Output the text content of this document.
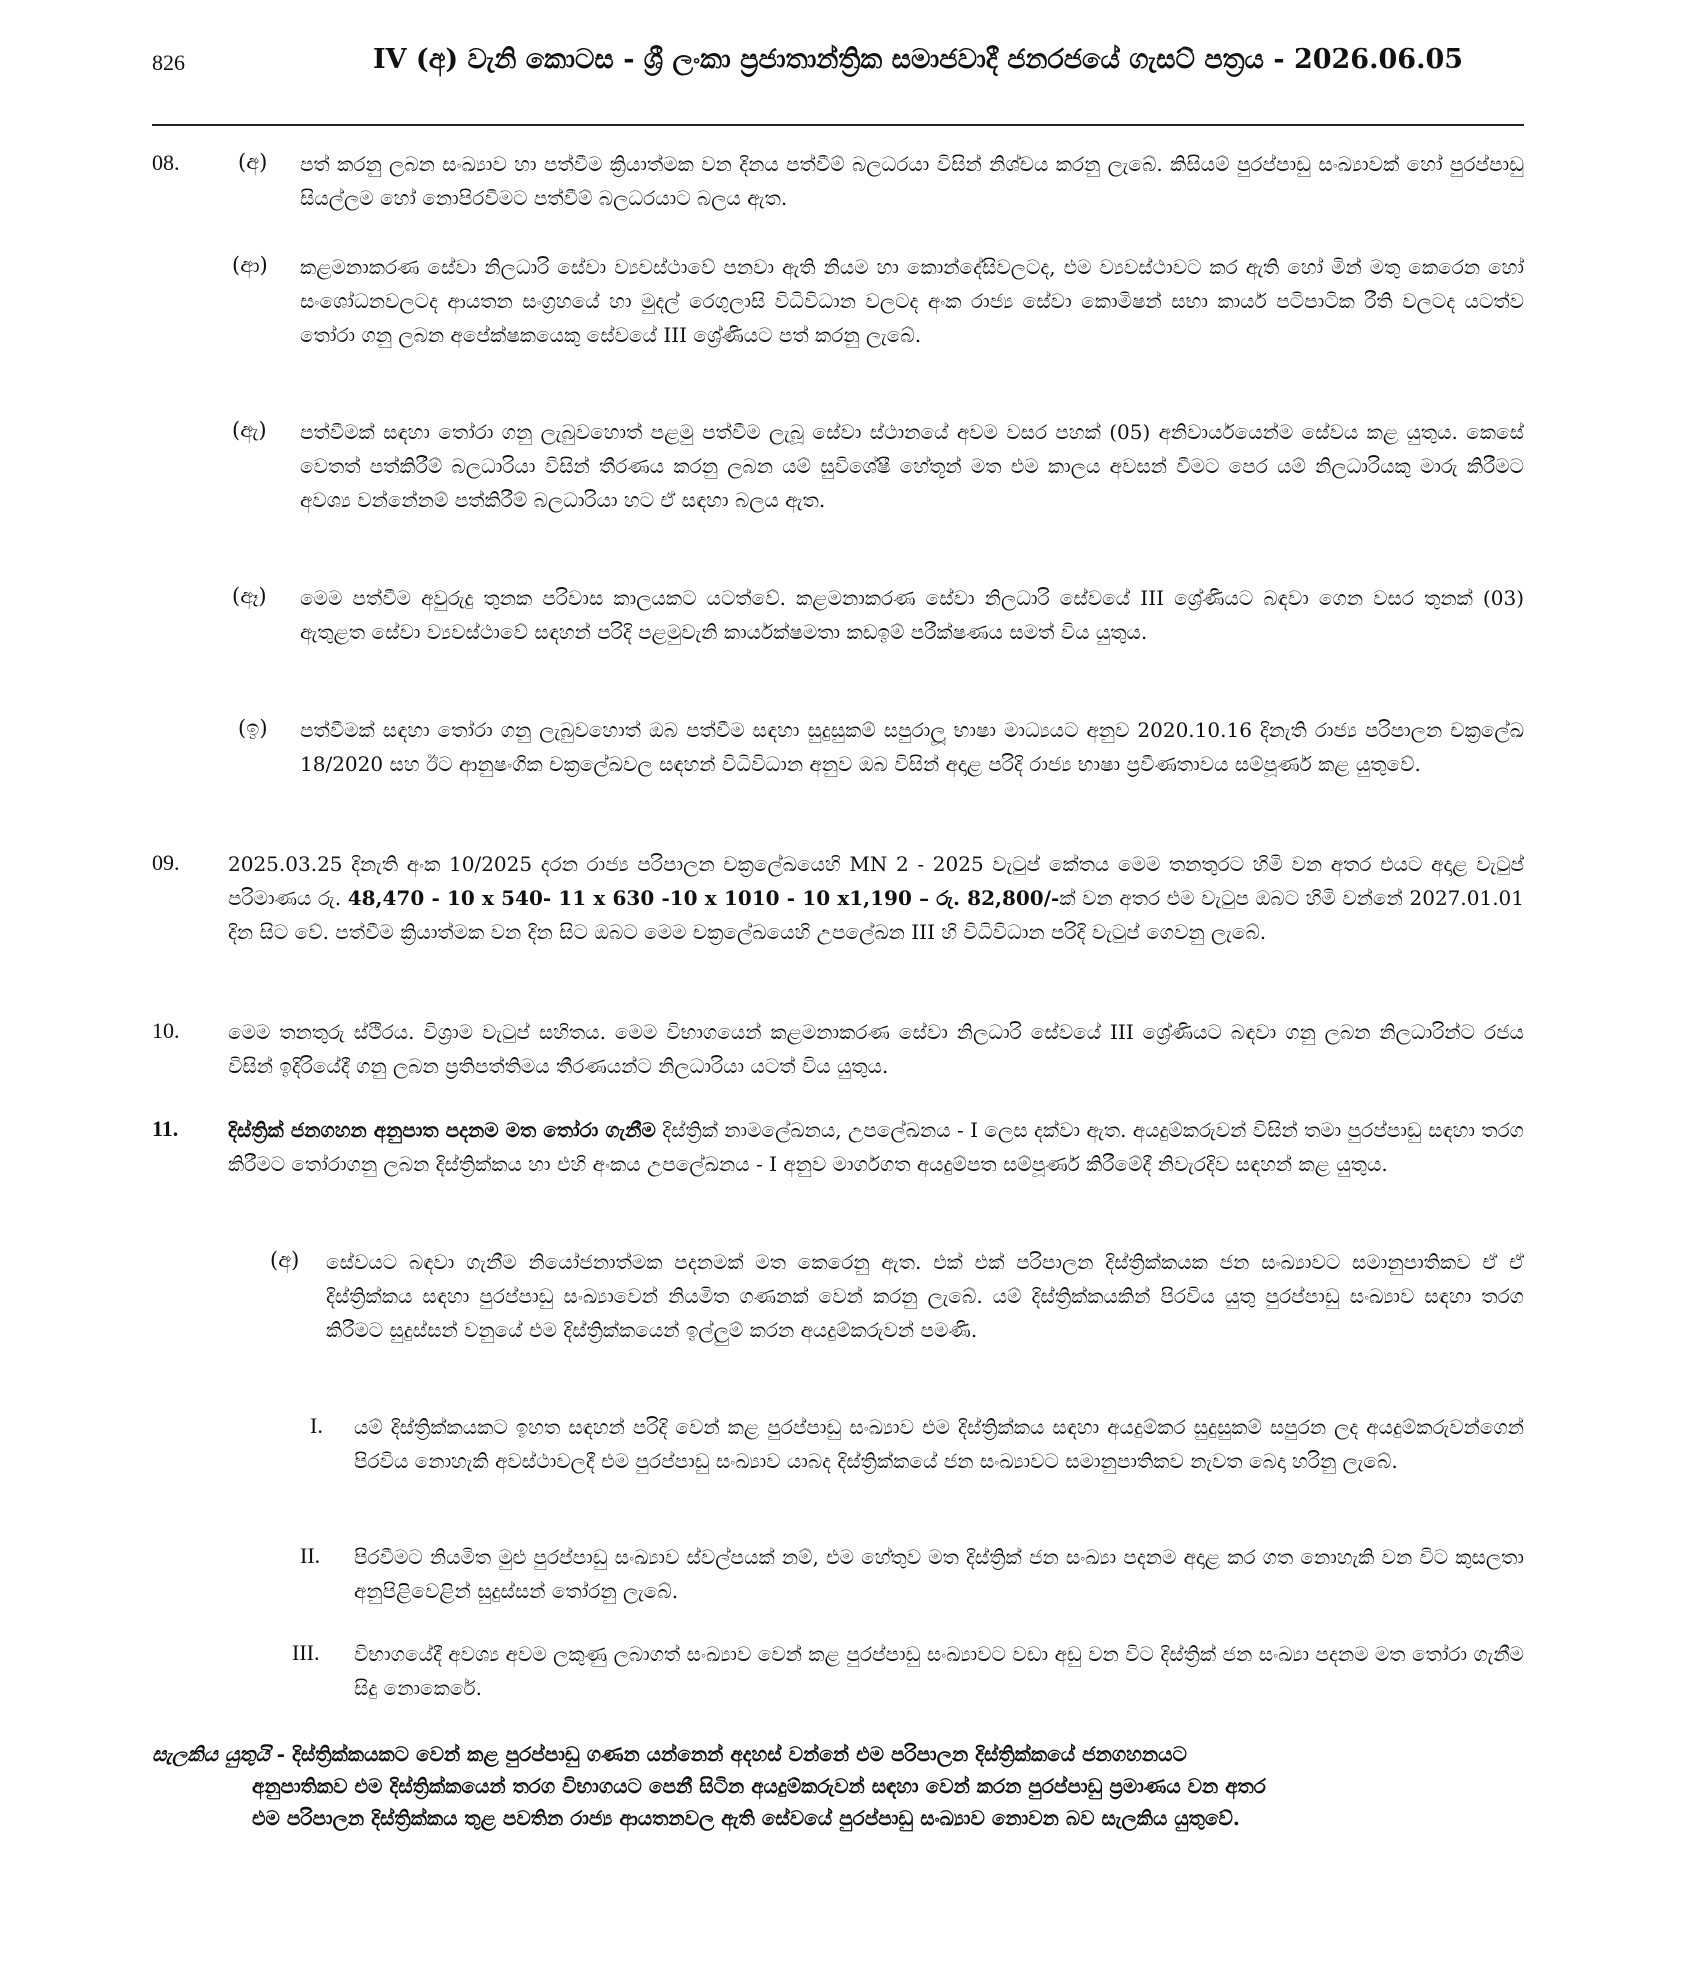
826	IV (අ) වැනි කොටස - ශ්‍රී ලංකා ප්‍රජාතාන්ත්‍රික සමාජවාදී ජනරජයේ ගැසට් පත්‍රය - 2026.06.05
08.	(අ) පත් කරනු ලබන සංඛ්‍යාව හා පත්වීම ක්‍රියාත්මක වන දිනය පත්වීම් බලධරයා විසින් නිශ්චය කරනු ලැබේ. කිසියම් පුරප්පාඩු සංඛ්‍යාවක් හෝ පුරප්පාඩු සියල්ලම හෝ නොපිරවීමට පත්වීම් බලධරයාට බලය ඇත.
(ආ) කළමනාකරණ සේවා නිලධාරි සේවා ව්‍යවස්ථාවේ පනවා ඇති නියම හා කොන්දේසිවලටද, එම ව්‍යවස්ථාවට කර ඇති හෝ මින් මතු කෙරෙන හෝ සංශෝධනවලටද ආයතන සංග්‍රහයේ හා මුදල් රෙගුලාසි විධිවිධාන වලටද අංක රාජ්‍ය සේවා කොමිෂන් සභා කාර්ය පටිපාටික රීති වලටද යටත්ව තෝරා ගනු ලබන අපේක්ෂකයෙකු සේවයේ III ශ්‍රේණියට පත් කරනු ලැබේ.
(ඇ) පත්වීමක් සඳහා තෝරා ගනු ලැබුවහොත් පළමු පත්වීම ලැබූ සේවා ස්ථානයේ අවම වසර පහක් (05) අනිවාර්යයෙන්ම සේවය කළ යුතුය. කෙසේ වෙතත් පත්කිරීම් බලධාරියා විසින් තීරණය කරනු ලබන යම් සුවිශේෂී හේතූන් මත එම කාලය අවසන් වීමට පෙර යම් නිලධාරියකු මාරු කිරීමට අවශ්‍ය වන්නේනම් පත්කිරීම් බලධාරියා හට ඒ සඳහා බලය ඇත.
(ඈ) මෙම පත්වීම අවුරුදු තුනක පරිවාස කාලයකට යටත්වේ. කළමනාකරණ සේවා නිලධාරි සේවයේ III ශ්‍රේණියට බඳවා ගෙන වසර තුනක් (03) ඇතුළත සේවා ව්‍යවස්ථාවේ සඳහන් පරිදි පළමුවැනි කාර්යක්ෂමතා කඩඉම් පරීක්ෂණය සමත් විය යුතුය.
(ඉ) පත්වීමක් සඳහා තෝරා ගනු ලැබුවහොත් ඔබ පත්වීම සඳහා සුදුසුකම් සපුරාලූ භාෂා මාධ්‍යයට අනුව 2020.10.16 දිනැති රාජ්‍ය පරිපාලන චක්‍රලේඛ 18/2020 සහ ඊට ආනුෂංගික චක්‍රලේඛවල සඳහන් විධිවිධාන අනුව ඔබ විසින් අදාළ පරිදි රාජ්‍ය භාෂා ප්‍රවීණතාවය සම්පූර්ණ කළ යුතුවේ.
09. 2025.03.25 දිනැති අංක 10/2025 දරන රාජ්‍ය පරිපාලන චක්‍රලේඛයෙහි MN 2 - 2025 වැටුප් කේතය මෙම තනතුරට හිමි වන අතර එයට අදාළ වැටුප් පරිමාණය රු. 48,470 - 10 x 540- 11 x 630 -10 x 1010 - 10 x1,190 – රු. 82,800/-ක් වන අතර එම වැටුප ඔබට හිමි වන්නේ 2027.01.01 දින සිට වේ. පත්වීම ක්‍රියාත්මක වන දින සිට ඔබට මෙම චක්‍රලේඛයෙහි උපලේඛන III හි විධිවිධාන පරිදි වැටුප් ගෙවනු ලැබේ.
10. මෙම තනතුරු ස්ථිරය. විශ්‍රාම වැටුප් සහිතය. මෙම විභාගයෙන් කළමනාකරණ සේවා නිලධාරි සේවයේ III ශ්‍රේණියට බඳවා ගනු ලබන නිලධාරින්ට රජය විසින් ඉදිරියේදී ගනු ලබන ප්‍රතිපත්තිමය තීරණයන්ට නිලධාරියා යටත් විය යුතුය.
11. දිස්ත්‍රික් ජනගහන අනුපාත පදනම මත තෝරා ගැනීම දිස්ත්‍රික් නාමලේඛනය, උපලේඛනය - I ලෙස දක්වා ඇත. අයදුම්කරුවන් විසින් තමා පුරප්පාඩු සඳහා තරග කිරීමට තෝරාගනු ලබන දිස්ත්‍රික්කය හා එහි අංකය උපලේඛනය - I අනුව මාර්ගගත අයදුම්පත සම්පූර්ණ කිරීමේදී නිවැරදිව සඳහන් කළ යුතුය.
(අ) සේවයට බඳවා ගැනීම නියෝජනාත්මක පදනමක් මත කෙරෙනු ඇත. එක් එක් පරිපාලන දිස්ත්‍රික්කයක ජන සංඛ්‍යාවට සමානුපාතිකව ඒ ඒ දිස්ත්‍රික්කය සඳහා පුරප්පාඩු සංඛ්‍යාවෙන් නියමිත ගණනක් වෙන් කරනු ලැබේ. යම් දිස්ත්‍රික්කයකින් පිරවිය යුතු පුරප්පාඩු සංඛ්‍යාව සඳහා තරග කිරීමට සුදුස්සන් වනුයේ එම දිස්ත්‍රික්කයෙන් ඉල්ලුම් කරන අයදුම්කරුවන් පමණි.
I. යම් දිස්ත්‍රික්කයකට ඉහත සඳහන් පරිදි වෙන් කළ පුරප්පාඩු සංඛ්‍යාව එම දිස්ත්‍රික්කය සඳහා අයදුම්කර සුදුසුකම් සපුරන ලද අයදුම්කරුවන්ගෙන් පිරවිය නොහැකි අවස්ථාවලදී එම පුරප්පාඩු සංඛ්‍යාව යාබද දිස්ත්‍රික්කයේ ජන සංඛ්‍යාවට සමානුපාතිකව නැවත බෙදා හරිනු ලැබේ.
II. පිරවීමට නියමිත මුළු පුරප්පාඩු සංඛ්‍යාව ස්වල්පයක් නම්, එම හේතුව මත දිස්ත්‍රික් ජන සංඛ්‍යා පදනම අදාළ කර ගත නොහැකි වන විට කුසලතා අනුපිළිවෙළින් සුදුස්සන් තෝරනු ලැබේ.
III. විභාගයේදී අවශ්‍ය අවම ලකුණු ලබාගත් සංඛ්‍යාව වෙන් කළ පුරප්පාඩු සංඛ්‍යාවට වඩා අඩු වන විට දිස්ත්‍රික් ජන සංඛ්‍යා පදනම මත තෝරා ගැනීම සිදු නොකෙරේ.
සැලකිය යුතුයි - දිස්ත්‍රික්කයකට වෙන් කළ පුරප්පාඩු ගණන යන්නෙන් අදහස් වන්නේ එම පරිපාලන දිස්ත්‍රික්කයේ ජනගහනයට
අනුපාතිකව එම දිස්ත්‍රික්කයෙන් තරග විභාගයට පෙනී සිටින අයදුම්කරුවන් සඳහා වෙන් කරන පුරප්පාඩු ප්‍රමාණය වන අතර
එම පරිපාලන දිස්ත්‍රික්කය තුළ පවතින රාජ්‍ය ආයතනවල ඇති සේවයේ පුරප්පාඩු සංඛ්‍යාව නොවන බව සැලකිය යුතුවේ.
